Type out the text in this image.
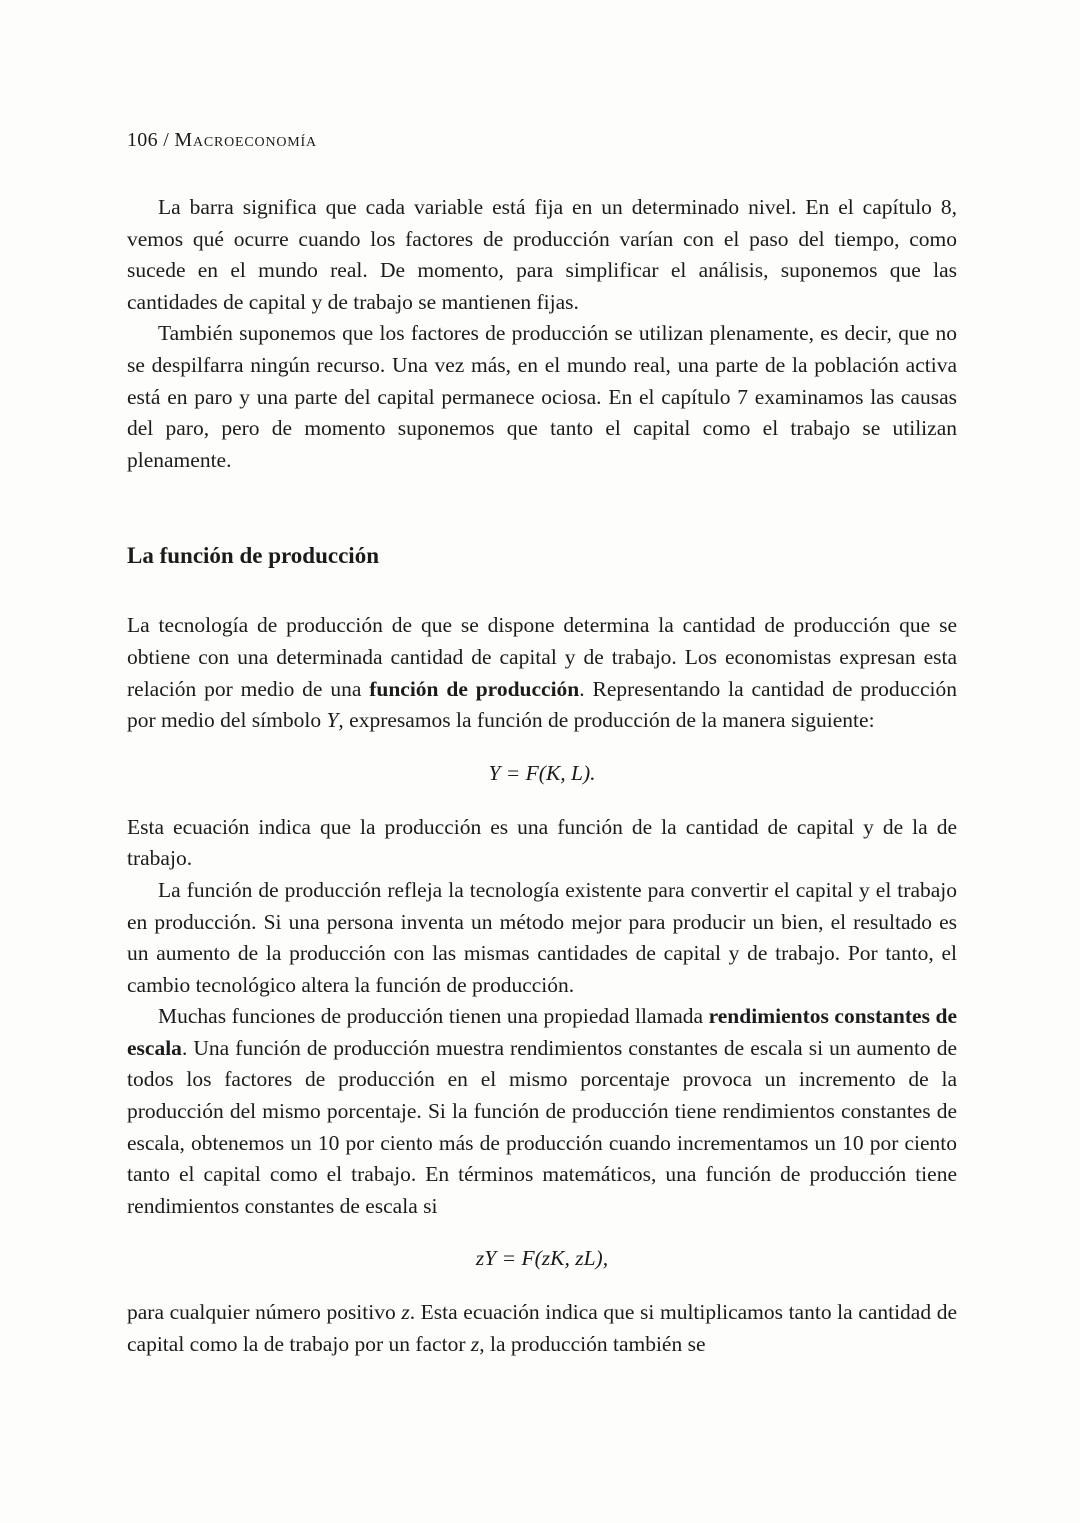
106 / Macroeconomía

La barra significa que cada variable está fija en un determinado nivel. En el capítulo 8, vemos qué ocurre cuando los factores de producción varían con el paso del tiempo, como sucede en el mundo real. De momento, para simplificar el análisis, suponemos que las cantidades de capital y de trabajo se mantienen fijas.

También suponemos que los factores de producción se utilizan plenamente, es decir, que no se despilfarra ningún recurso. Una vez más, en el mundo real, una parte de la población activa está en paro y una parte del capital permanece ociosa. En el capítulo 7 examinamos las causas del paro, pero de momento suponemos que tanto el capital como el trabajo se utilizan plenamente.

La función de producción

La tecnología de producción de que se dispone determina la cantidad de producción que se obtiene con una determinada cantidad de capital y de trabajo. Los economistas expresan esta relación por medio de una función de producción. Representando la cantidad de producción por medio del símbolo Y, expresamos la función de producción de la manera siguiente:

Y = F(K, L).

Esta ecuación indica que la producción es una función de la cantidad de capital y de la de trabajo.

La función de producción refleja la tecnología existente para convertir el capital y el trabajo en producción. Si una persona inventa un método mejor para producir un bien, el resultado es un aumento de la producción con las mismas cantidades de capital y de trabajo. Por tanto, el cambio tecnológico altera la función de producción.

Muchas funciones de producción tienen una propiedad llamada rendimientos constantes de escala. Una función de producción muestra rendimientos constantes de escala si un aumento de todos los factores de producción en el mismo porcentaje provoca un incremento de la producción del mismo porcentaje. Si la función de producción tiene rendimientos constantes de escala, obtenemos un 10 por ciento más de producción cuando incrementamos un 10 por ciento tanto el capital como el trabajo. En términos matemáticos, una función de producción tiene rendimientos constantes de escala si

zY = F(zK, zL),

para cualquier número positivo z. Esta ecuación indica que si multiplicamos tanto la cantidad de capital como la de trabajo por un factor z, la producción también se
